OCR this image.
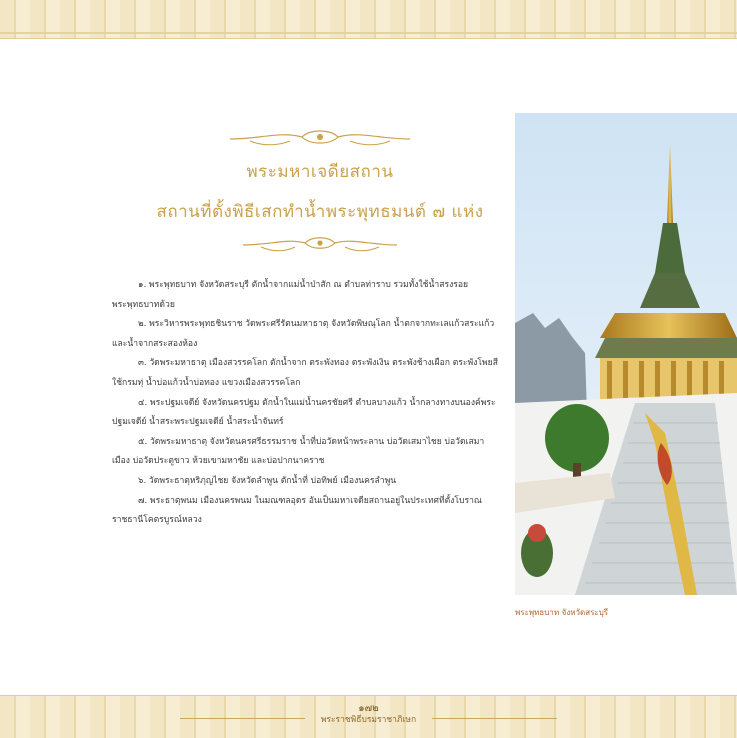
พระมหาเจดียสถาน
สถานที่ตั้งพิธีเสกทำน้ำพระพุทธมนต์ ๗ แห่ง

๑. พระพุทธบาท จังหวัดสระบุรี ตักน้ำจากแม่น้ำป่าสัก ณ ตำบลท่าราบ รวมทั้งใช้น้ำสรงรอยพระพุทธบาทด้วย

๒. พระวิหารพระพุทธชินราช วัดพระศรีรัตนมหาธาตุ จังหวัดพิษณุโลก น้ำตกจากทะเลแก้วสระแก้ว และน้ำจากสระสองห้อง

๓. วัดพระมหาธาตุ เมืองสวรรคโลก ตักน้ำจาก ตระพังทอง ตระพังเงิน ตระพังช้างเผือก ตระพังโพยสี ใช้กรมทุ่ น้ำบ่อแก้วน้ำบ่อทอง แขวงเมืองสวรรคโลก

๔. พระปฐมเจดีย์ จังหวัดนครปฐม ตักน้ำในแม่น้ำนครชัยศรี ตำบลบางแก้ว น้ำกลางทางบนองค์พระปฐมเจดีย์ น้ำสระพระปฐมเจดีย์ น้ำสระน้ำจันทร์

๕. วัดพระมหาธาตุ จังหวัดนครศรีธรรมราช น้ำที่บ่อวัดหน้าพระลาน บ่อวัดเสมาไชย บ่อวัดเสมาเมือง บ่อวัดประตูขาว ห้วยเขามหาชัย และบ่อปากนาคราช

๖. วัดพระธาตุหริภุญไชย จังหวัดลำพูน ตักน้ำที่ บ่อทิพย์ เมืองนครลำพูน

๗. พระธาตุพนม เมืองนครพนม ในมณฑลอุดร อันเป็นมหาเจดียสถานอยู่ในประเทศที่ตั้งโบราณราชธานีโคตรบูรณ์หลวง

พระพุทธบาท จังหวัดสระบุรี
๑๗๒
พระราชพิธีบรมราชาภิเษก
